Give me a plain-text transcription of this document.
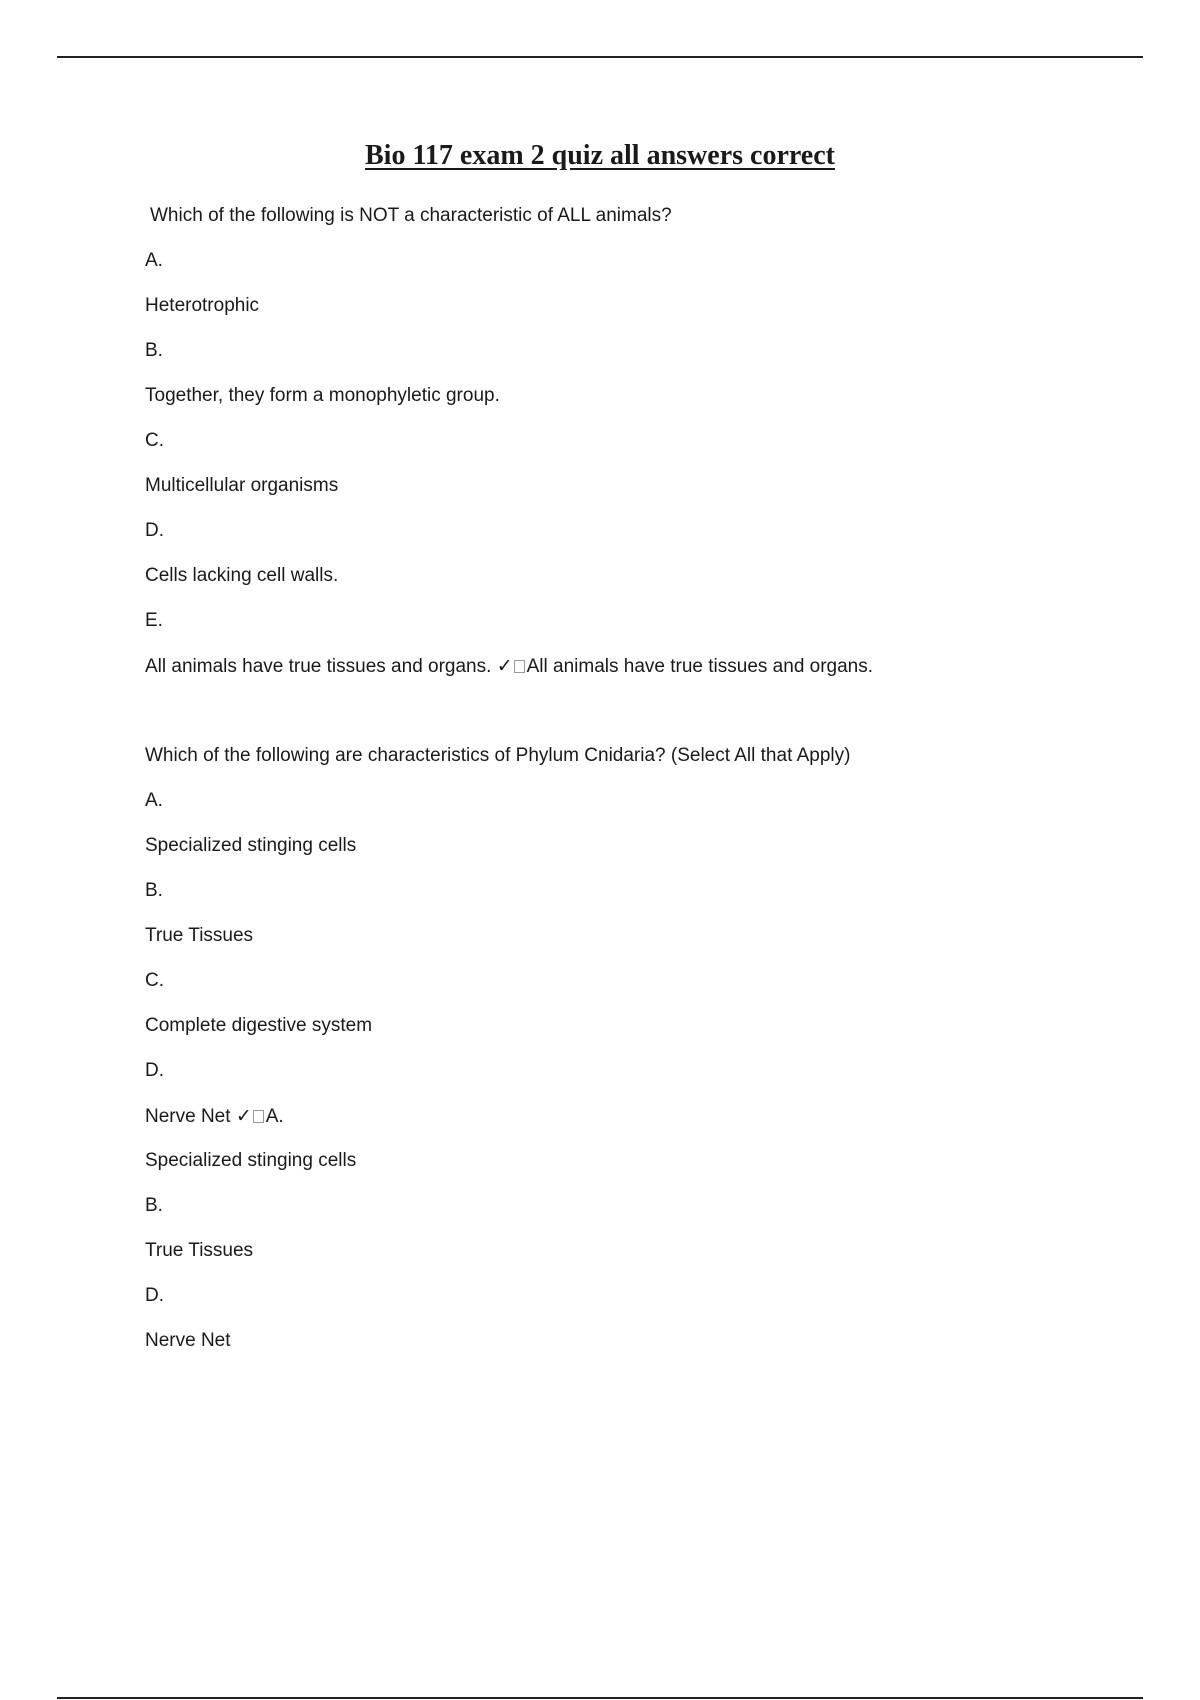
Bio 117 exam 2 quiz all answers correct

Which of the following is NOT a characteristic of ALL animals?

A.

Heterotrophic

B.

Together, they form a monophyletic group.

C.

Multicellular organisms

D.

Cells lacking cell walls.

E.

All animals have true tissues and organs. ✓ All animals have true tissues and organs.

Which of the following are characteristics of Phylum Cnidaria? (Select All that Apply)

A.

Specialized stinging cells

B.

True Tissues

C.

Complete digestive system

D.

Nerve Net ✓ A.

Specialized stinging cells

B.

True Tissues

D.

Nerve Net
